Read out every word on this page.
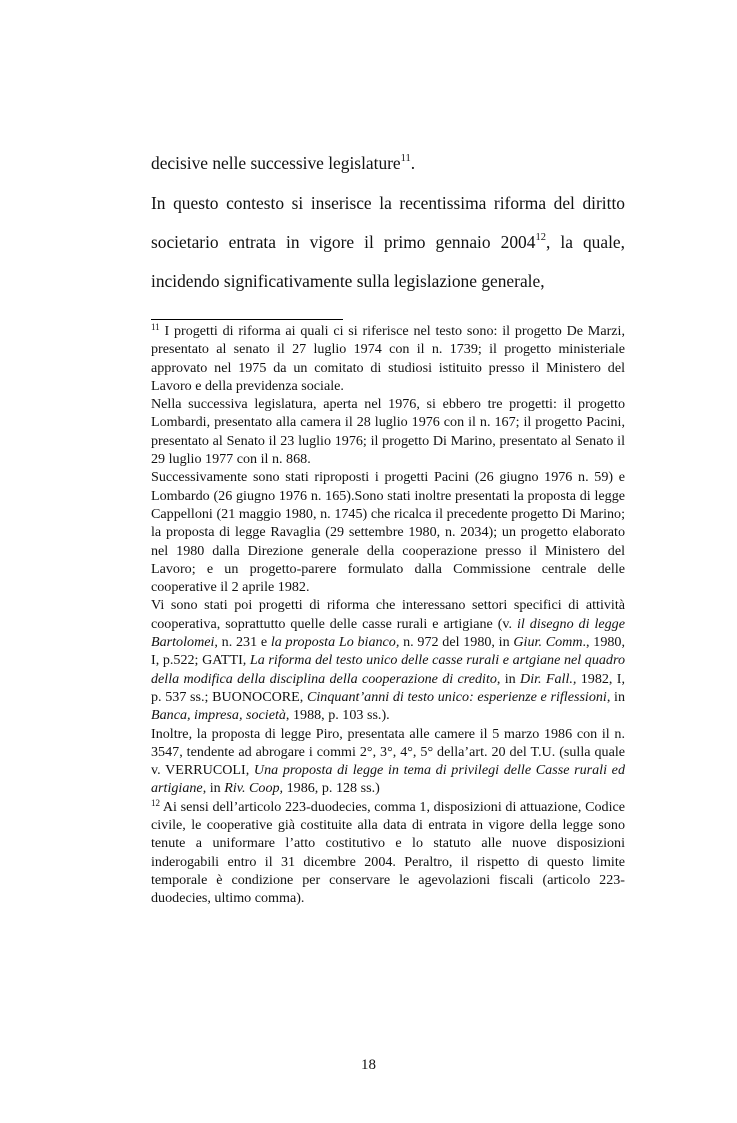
decisive nelle successive legislature$^{11}$.

In questo contesto si inserisce la recentissima riforma del diritto societario entrata in vigore il primo gennaio 2004$^{12}$, la quale, incidendo significativamente sulla legislazione generale,

$^{11}$ I progetti di riforma ai quali ci si riferisce nel testo sono: il progetto De Marzi, presentato al senato il 27 luglio 1974 con il n. 1739; il progetto ministeriale approvato nel 1975 da un comitato di studiosi istituito presso il Ministero del Lavoro e della previdenza sociale.

Nella successiva legislatura, aperta nel 1976, si ebbero tre progetti: il progetto Lombardi, presentato alla camera il 28 luglio 1976 con il n. 167; il progetto Pacini, presentato al Senato il 23 luglio 1976; il progetto Di Marino, presentato al Senato il 29 luglio 1977 con il n. 868.

Successivamente sono stati riproposti i progetti Pacini (26 giugno 1976 n. 59) e Lombardo (26 giugno 1976 n. 165).Sono stati inoltre presentati la proposta di legge Cappelloni (21 maggio 1980, n. 1745) che ricalca il precedente progetto Di Marino; la proposta di legge Ravaglia (29 settembre 1980, n. 2034); un progetto elaborato nel 1980 dalla Direzione generale della cooperazione presso il Ministero del Lavoro; e un progetto-parere formulato dalla Commissione centrale delle cooperative il 2 aprile 1982.

Vi sono stati poi progetti di riforma che interessano settori specifici di attività cooperativa, soprattutto quelle delle casse rurali e artigiane (v. il disegno di legge Bartolomei, n. 231 e la proposta Lo bianco, n. 972 del 1980, in Giur. Comm., 1980, I, p.522; GATTI, La riforma del testo unico delle casse rurali e artgiane nel quadro della modifica della disciplina della cooperazione di credito, in Dir. Fall., 1982, I, p. 537 ss.; BUONOCORE, Cinquant’anni di testo unico: esperienze e riflessioni, in Banca, impresa, società, 1988, p. 103 ss.).

Inoltre, la proposta di legge Piro, presentata alle camere il 5 marzo 1986 con il n. 3547, tendente ad abrogare i commi 2°, 3°, 4°, 5° della’art. 20 del T.U. (sulla quale v. VERRUCOLI, Una proposta di legge in tema di privilegi delle Casse rurali ed artigiane, in Riv. Coop, 1986, p. 128 ss.)

$^{12}$ Ai sensi dell’articolo 223-duodecies, comma 1, disposizioni di attuazione, Codice civile, le cooperative già costituite alla data di entrata in vigore della legge sono tenute a uniformare l’atto costitutivo e lo statuto alle nuove disposizioni inderogabili entro il 31 dicembre 2004. Peraltro, il rispetto di questo limite temporale è condizione per conservare le agevolazioni fiscali (articolo 223-duodecies, ultimo comma).

18
